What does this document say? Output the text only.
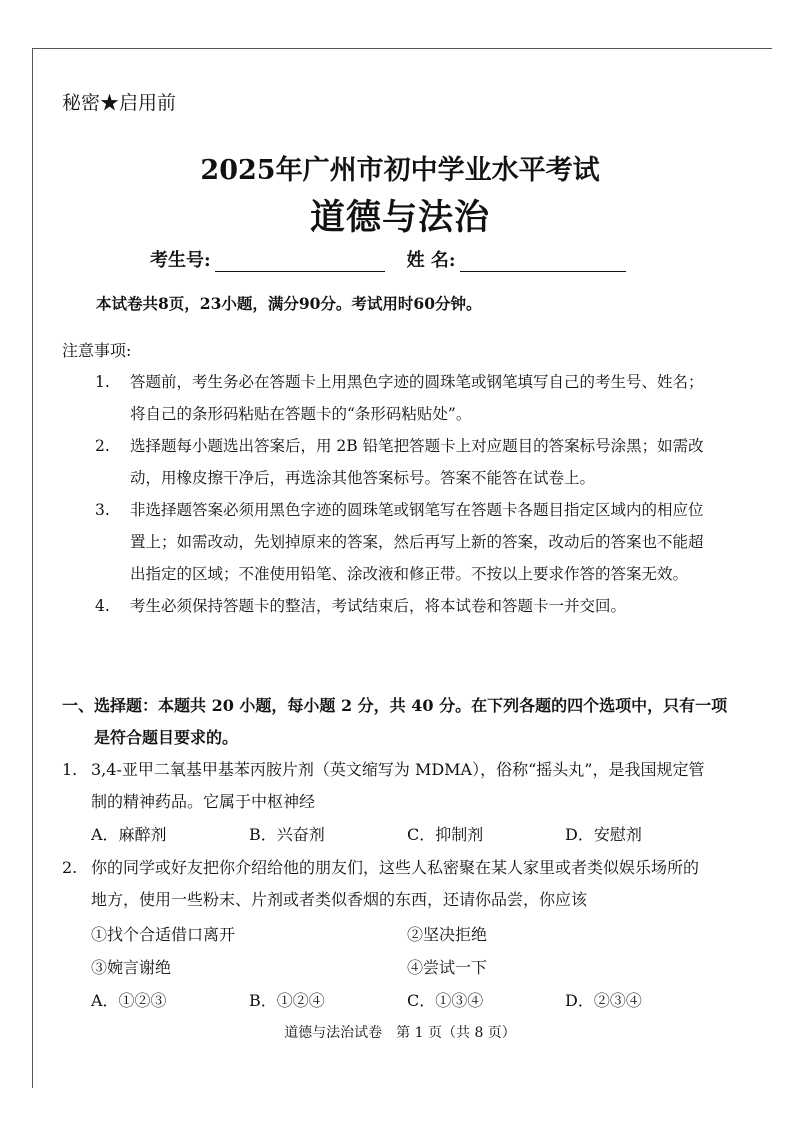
秘密★启用前
2025年广州市初中学业水平考试
道德与法治
考生号:	姓 名:
本试卷共8页，23小题，满分90分。考试用时60分钟。
注意事项:
1.	答题前，考生务必在答题卡上用黑色字迹的圆珠笔或钢笔填写自己的考生号、姓名；将自己的条形码粘贴在答题卡的“条形码粘贴处”。
2.	选择题每小题选出答案后，用 2B 铅笔把答题卡上对应题目的答案标号涂黑；如需改动，用橡皮擦干净后，再选涂其他答案标号。答案不能答在试卷上。
3.	非选择题答案必须用黑色字迹的圆珠笔或钢笔写在答题卡各题目指定区域内的相应位置上；如需改动，先划掉原来的答案，然后再写上新的答案，改动后的答案也不能超出指定的区域；不准使用铅笔、涂改液和修正带。不按以上要求作答的答案无效。
4.	考生必须保持答题卡的整洁，考试结束后，将本试卷和答题卡一并交回。
一、选择题：本题共 20 小题，每小题 2 分，共 40 分。在下列各题的四个选项中，只有一项是符合题目要求的。
1. 3,4-亚甲二氧基甲基苯丙胺片剂（英文缩写为 MDMA），俗称“摇头丸”，是我国规定管制的精神药品。它属于中枢神经
A．麻醉剂	B．兴奋剂	C．抑制剂	D．安慰剂
2. 你的同学或好友把你介绍给他的朋友们，这些人私密聚在某人家里或者类似娱乐场所的地方，使用一些粉末、片剂或者类似香烟的东西，还请你品尝，你应该
①找个合适借口离开	②坚决拒绝
③婉言谢绝	④尝试一下
A．①②③	B．①②④	C．①③④	D．②③④
道德与法治试卷　第 1 页（共 8 页）
